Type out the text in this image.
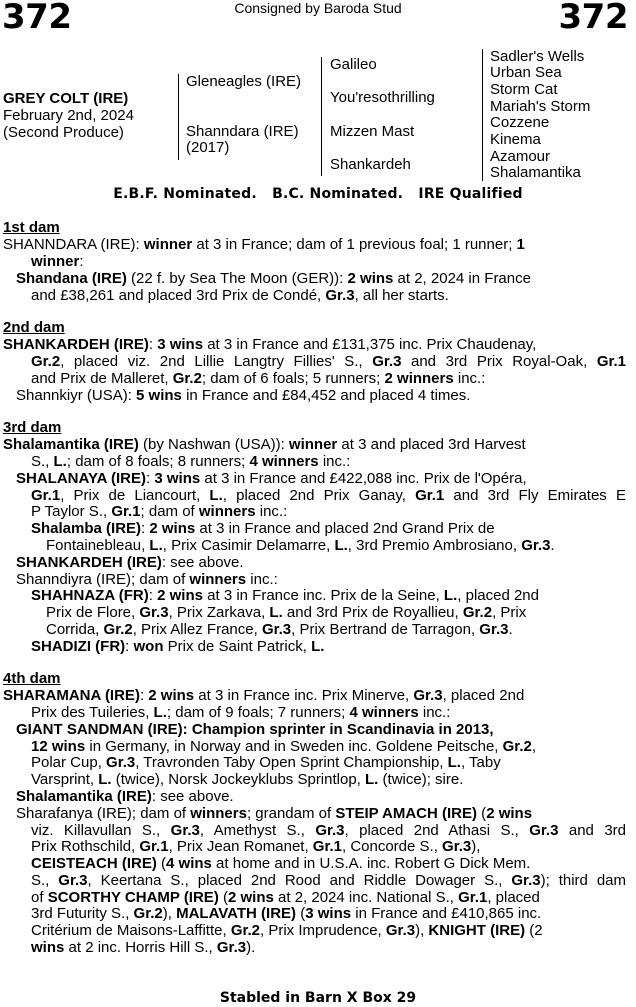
372	372
Consigned by Baroda Stud
GREY COLT (IRE)
February 2nd, 2024
(Second Produce)
Gleneagles (IRE)
Shanndara (IRE)
(2017)
Galileo
You'resothrilling
Mizzen Mast
Shankardeh
Sadler's Wells
Urban Sea
Storm Cat
Mariah's Storm
Cozzene
Kinema
Azamour
Shalamantika
E.B.F. Nominated.   B.C. Nominated.   IRE Qualified
1st dam
SHANNDARA (IRE): winner at 3 in France; dam of 1 previous foal; 1 runner; 1
winner:
Shandana (IRE) (22 f. by Sea The Moon (GER)): 2 wins at 2, 2024 in France
and £38,261 and placed 3rd Prix de Condé, Gr.3, all her starts.
2nd dam
SHANKARDEH (IRE): 3 wins at 3 in France and £131,375 inc. Prix Chaudenay,
Gr.2, placed viz. 2nd Lillie Langtry Fillies' S., Gr.3 and 3rd Prix Royal-Oak, Gr.1
and Prix de Malleret, Gr.2; dam of 6 foals; 5 runners; 2 winners inc.:
Shannkiyr (USA): 5 wins in France and £84,452 and placed 4 times.
3rd dam
Shalamantika (IRE) (by Nashwan (USA)): winner at 3 and placed 3rd Harvest
S., L.; dam of 8 foals; 8 runners; 4 winners inc.:
SHALANAYA (IRE): 3 wins at 3 in France and £422,088 inc. Prix de l'Opéra,
Gr.1, Prix de Liancourt, L., placed 2nd Prix Ganay, Gr.1 and 3rd Fly Emirates E
P Taylor S., Gr.1; dam of winners inc.:
Shalamba (IRE): 2 wins at 3 in France and placed 2nd Grand Prix de
Fontainebleau, L., Prix Casimir Delamarre, L., 3rd Premio Ambrosiano, Gr.3.
SHANKARDEH (IRE): see above.
Shanndiyra (IRE); dam of winners inc.:
SHAHNAZA (FR): 2 wins at 3 in France inc. Prix de la Seine, L., placed 2nd
Prix de Flore, Gr.3, Prix Zarkava, L. and 3rd Prix de Royallieu, Gr.2, Prix
Corrida, Gr.2, Prix Allez France, Gr.3, Prix Bertrand de Tarragon, Gr.3.
SHADIZI (FR): won Prix de Saint Patrick, L.
4th dam
SHARAMANA (IRE): 2 wins at 3 in France inc. Prix Minerve, Gr.3, placed 2nd
Prix des Tuileries, L.; dam of 9 foals; 7 runners; 4 winners inc.:
GIANT SANDMAN (IRE): Champion sprinter in Scandinavia in 2013,
12 wins in Germany, in Norway and in Sweden inc. Goldene Peitsche, Gr.2,
Polar Cup, Gr.3, Travronden Taby Open Sprint Championship, L., Taby
Varsprint, L. (twice), Norsk Jockeyklubs Sprintlop, L. (twice); sire.
Shalamantika (IRE): see above.
Sharafanya (IRE); dam of winners; grandam of STEIP AMACH (IRE) (2 wins
viz. Killavullan S., Gr.3, Amethyst S., Gr.3, placed 2nd Athasi S., Gr.3 and 3rd
Prix Rothschild, Gr.1, Prix Jean Romanet, Gr.1, Concorde S., Gr.3),
CEISTEACH (IRE) (4 wins at home and in U.S.A. inc. Robert G Dick Mem.
S., Gr.3, Keertana S., placed 2nd Rood and Riddle Dowager S., Gr.3); third dam
of SCORTHY CHAMP (IRE) (2 wins at 2, 2024 inc. National S., Gr.1, placed
3rd Futurity S., Gr.2), MALAVATH (IRE) (3 wins in France and £410,865 inc.
Critérium de Maisons-Laffitte, Gr.2, Prix Imprudence, Gr.3), KNIGHT (IRE) (2
wins at 2 inc. Horris Hill S., Gr.3).
Stabled in Barn X Box 29
